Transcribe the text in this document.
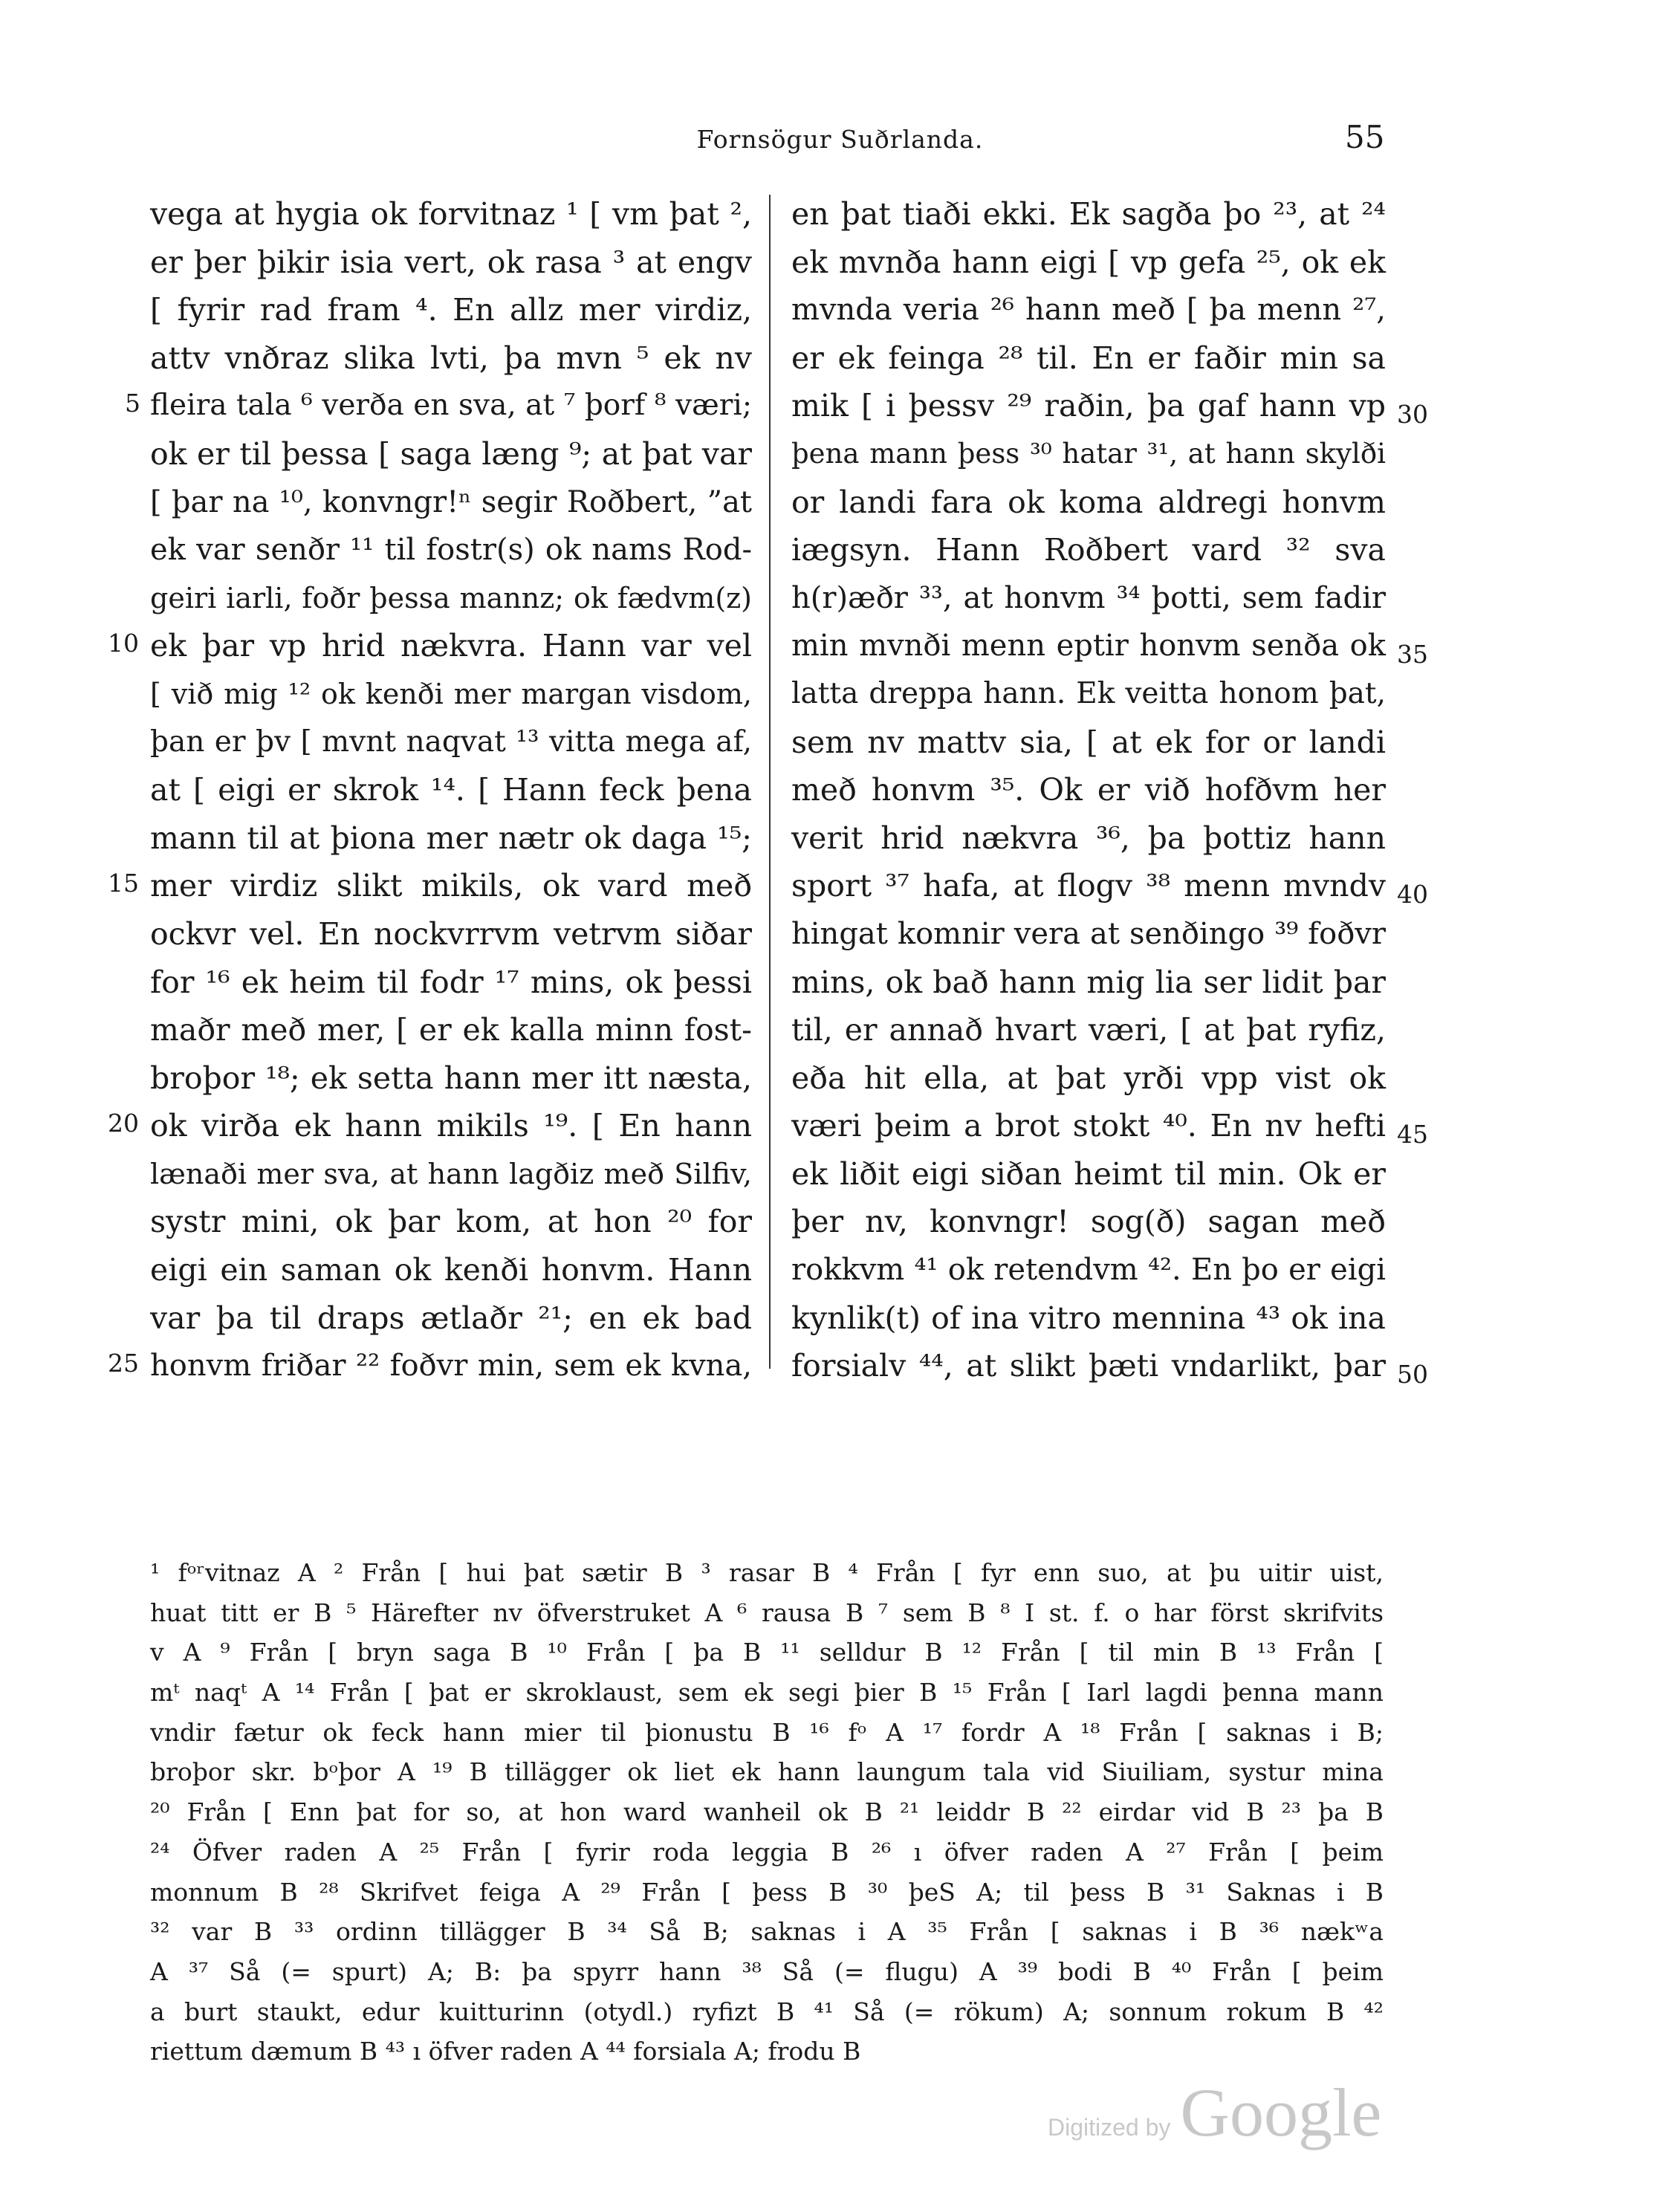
Fornsögur Suðrlanda.	55
vega at hygia ok forvitnaz ¹ [ vm þat ²,
er þer þikir isia vert, ok rasa ³ at engv
[ fyrir rad fram ⁴. En allz mer virdiz,
attv vnðraz slika lvti, þa mvn ⁵ ek nv
fleira tala ⁶ verða en sva, at ⁷ þorf ⁸ væri;
ok er til þessa [ saga læng ⁹; at þat var
[ þar na ¹⁰, konvngr!ⁿ segir Roðbert, ”at
ek var senðr ¹¹ til fostr(s) ok nams Rod-
geiri iarli, foðr þessa mannz; ok fædvm(z)
ek þar vp hrid nækvra. Hann var vel
[ við mig ¹² ok kenði mer margan visdom,
þan er þv [ mvnt naqvat ¹³ vitta mega af,
at [ eigi er skrok ¹⁴. [ Hann feck þena
mann til at þiona mer nætr ok daga ¹⁵;
mer virdiz slikt mikils, ok vard með
ockvr vel. En nockvrrvm vetrvm siðar
for ¹⁶ ek heim til fodr ¹⁷ mins, ok þessi
maðr með mer, [ er ek kalla minn fost-
broþor ¹⁸; ek setta hann mer itt næsta,
ok virða ek hann mikils ¹⁹. [ En hann
lænaði mer sva, at hann lagðiz með Silfiv,
systr mini, ok þar kom, at hon ²⁰ for
eigi ein saman ok kenði honvm. Hann
var þa til draps ætlaðr ²¹; en ek bad
honvm friðar ²² foðvr min, sem ek kvna,
en þat tiaði ekki. Ek sagða þo ²³, at ²⁴
ek mvnða hann eigi [ vp gefa ²⁵, ok ek
mvnda veria ²⁶ hann með [ þa menn ²⁷,
er ek feinga ²⁸ til. En er faðir min sa
mik [ i þessv ²⁹ raðin, þa gaf hann vp
þena mann þess ³⁰ hatar ³¹, at hann skylði
or landi fara ok koma aldregi honvm
iægsyn. Hann Roðbert vard ³² sva
h(r)æðr ³³, at honvm ³⁴ þotti, sem fadir
min mvnði menn eptir honvm senða ok
latta dreppa hann. Ek veitta honom þat,
sem nv mattv sia, [ at ek for or landi
með honvm ³⁵. Ok er við hofðvm her
verit hrid nækvra ³⁶, þa þottiz hann
sport ³⁷ hafa, at flogv ³⁸ menn mvndv
hingat komnir vera at senðingo ³⁹ foðvr
mins, ok bað hann mig lia ser lidit þar
til, er annað hvart væri, [ at þat ryfiz,
eða hit ella, at þat yrði vpp vist ok
væri þeim a brot stokt ⁴⁰. En nv hefti
ek liðit eigi siðan heimt til min. Ok er
þer nv, konvngr! sog(ð) sagan með
rokkvm ⁴¹ ok retendvm ⁴². En þo er eigi
kynlik(t) of ina vitro mennina ⁴³ ok ina
forsialv ⁴⁴, at slikt þæti vndarlikt, þar
5
10
15
20
25
30
35
40
45
50
¹ fᵒʳvitnaz A ² Från [ hui þat sætir B ³ rasar B ⁴ Från [ fyr enn suo, at þu uitir uist,
huat titt er B ⁵ Härefter nv öfverstruket A ⁶ rausa B ⁷ sem B ⁸ I st. f. o har först skrifvits
v A ⁹ Från [ bryn saga B ¹⁰ Från [ þa B ¹¹ selldur B ¹² Från [ til min B ¹³ Från [
mᵗ naqᵗ A ¹⁴ Från [ þat er skroklaust, sem ek segi þier B ¹⁵ Från [ Iarl lagdi þenna mann
vndir fætur ok feck hann mier til þionustu B ¹⁶ fᵒ A ¹⁷ fordr A ¹⁸ Från [ saknas i B;
broþor skr. bᵒþor A ¹⁹ B tillägger ok liet ek hann laungum tala vid Siuiliam, systur mina
²⁰ Från [ Enn þat for so, at hon ward wanheil ok B ²¹ leiddr B ²² eirdar vid B ²³ þa B
²⁴ Öfver raden A ²⁵ Från [ fyrir roda leggia B ²⁶ ı öfver raden A ²⁷ Från [ þeim
monnum B ²⁸ Skrifvet feiga A ²⁹ Från [ þess B ³⁰ þeS A; til þess B ³¹ Saknas i B
³² var B ³³ ordinn tillägger B ³⁴ Så B; saknas i A ³⁵ Från [ saknas i B ³⁶ nækʷa
A ³⁷ Så (= spurt) A; B: þa spyrr hann ³⁸ Så (= flugu) A ³⁹ bodi B ⁴⁰ Från [ þeim
a burt staukt, edur kuitturinn (otydl.) ryfizt B ⁴¹ Så (= rökum) A; sonnum rokum B ⁴²
riettum dæmum B ⁴³ ı öfver raden A ⁴⁴ forsiala A; frodu B
Digitized by Google
